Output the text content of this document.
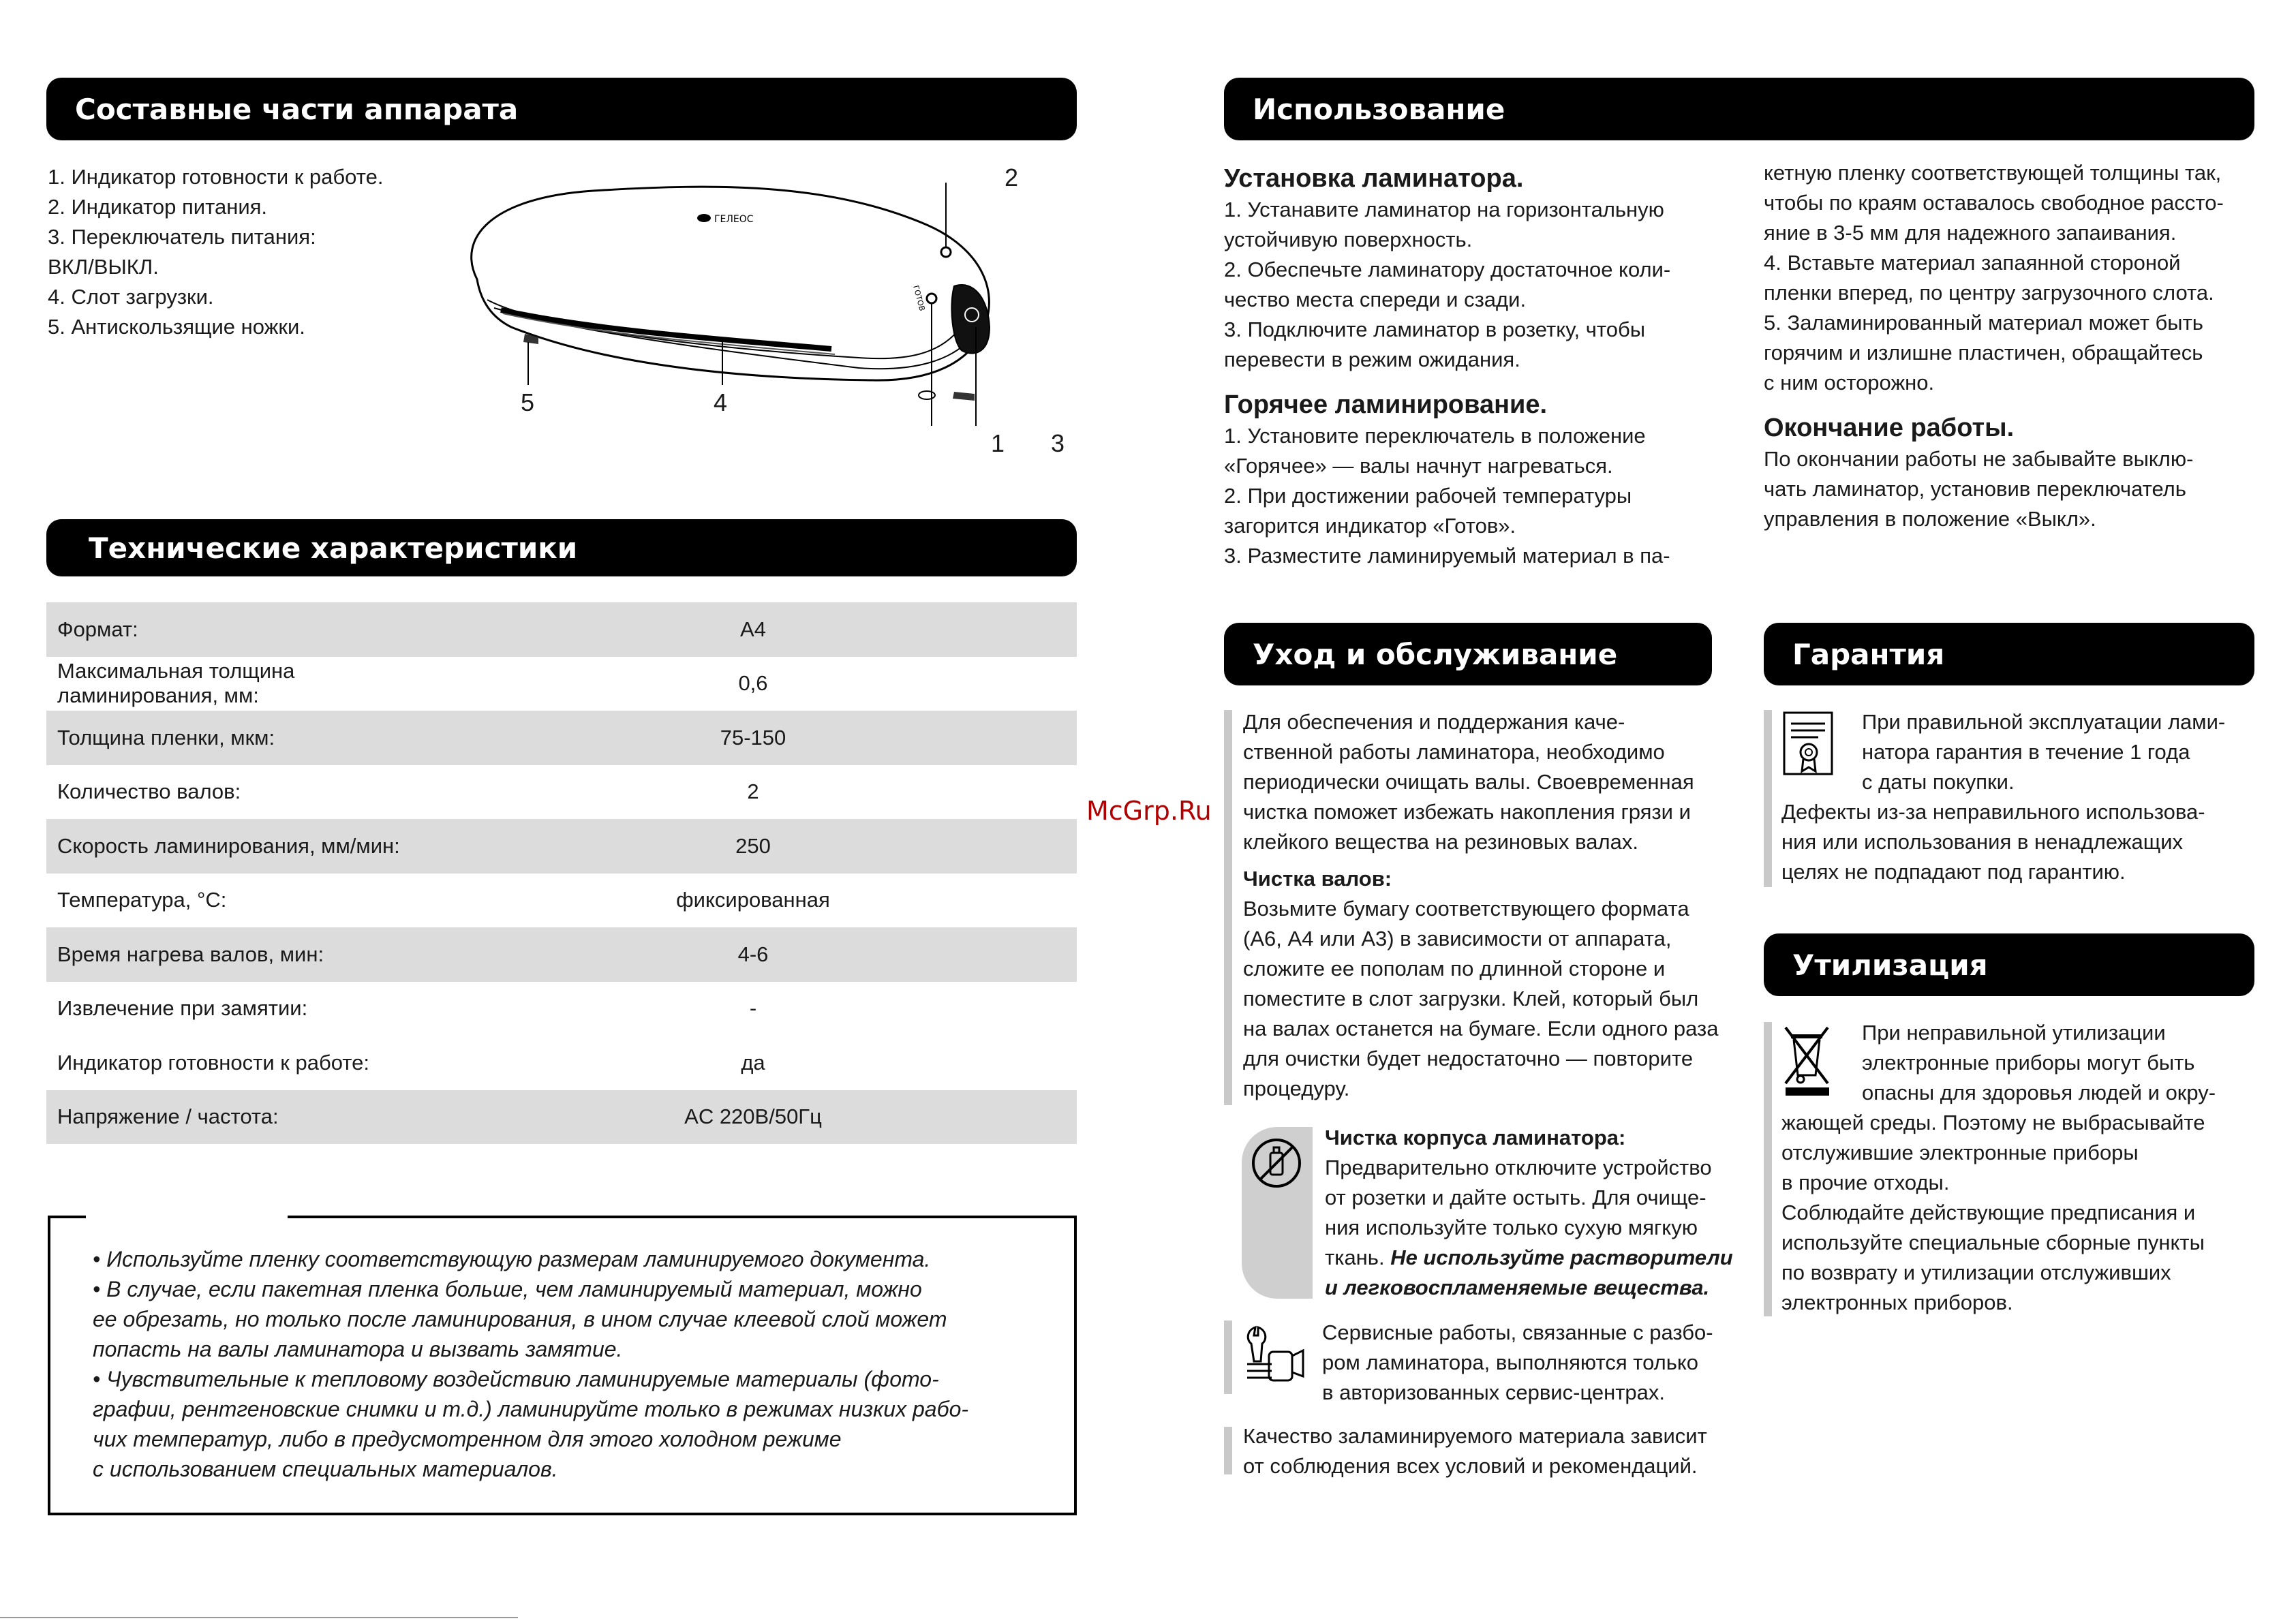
Составные части аппарата
1. Индикатор готовности к работе.
2. Индикатор питания.
3. Переключатель питания:
ВКЛ/ВЫКЛ.
4. Слот загрузки.
5. Антискользящие ножки.
ГЕЛЕОС
ГОТОВ
2
5	4
1 3
Технические характеристики
Формат:	А4
Максимальная толщина ламинирования, мм:	0,6
Толщина пленки, мкм:	75-150
Количество валов:	2
Скорость ламинирования, мм/мин:	250
Температура, °С:	фиксированная
Время нагрева валов, мин:	4-6
Извлечение при замятии:	-
Индикатор готовности к работе:	да
Напряжение / частота:	AC 220В/50Гц
• Используйте пленку соответствующую размерам ламинируемого документа.
• В случае, если пакетная пленка больше, чем ламинируемый материал, можно
ее обрезать, но только после ламинирования, в ином случае клеевой слой может
попасть на валы ламинатора и вызвать замятие.
• Чувствительные к тепловому воздействию ламинируемые материалы (фото-
графии, рентгеновские снимки и т.д.) ламинируйте только в режимах низких рабо-
чих температур, либо в предусмотренном для этого холодном режиме
с использованием специальных материалов.
McGrp.Ru
Использование
Установка ламинатора.
1. Устанавите ламинатор на горизонтальную
устойчивую поверхность.
2. Обеспечьте ламинатору достаточное коли-
чество места спереди и сзади.
3. Подключите ламинатор в розетку, чтобы
перевести в режим ожидания.
Горячее ламинирование.
1. Установите переключатель в положение
«Горячее» — валы начнут нагреваться.
2. При достижении рабочей температуры
загорится индикатор «Готов».
3. Разместите ламинируемый материал в па-
кетную пленку соответствующей толщины так,
чтобы по краям оставалось свободное рассто-
яние в 3-5 мм для надежного запаивания.
4. Вставьте материал запаянной стороной
пленки вперед, по центру загрузочного слота.
5. Заламинированный материал может быть
горячим и излишне пластичен, обращайтесь
с ним осторожно.
Окончание работы.
По окончании работы не забывайте выклю-
чать ламинатор, установив переключатель
управления в положение «Выкл».
Уход и обслуживание
Для обеспечения и поддержания каче-
ственной работы ламинатора, необходимо
периодически очищать валы. Своевременная
чистка поможет избежать накопления грязи и
клейкого вещества на резиновых валах.
Чистка валов:
Возьмите бумагу соответствующего формата
(А6, А4 или А3) в зависимости от аппарата,
сложите ее пополам по длинной стороне и
поместите в слот загрузки. Клей, который был
на валах останется на бумаге. Если одного раза
для очистки будет недостаточно — повторите
процедуру.
Чистка корпуса ламинатора:
Предварительно отключите устройство
от розетки и дайте остыть. Для очище-
ния используйте только сухую мягкую
ткань. Не используйте растворители
и легковоспламеняемые вещества.
Сервисные работы, связанные с разбо-
ром ламинатора, выполняются только
в авторизованных сервис-центрах.
Качество заламинируемого материала зависит
от соблюдения всех условий и рекомендаций.
Гарантия
При правильной эксплуатации лами-
натора гарантия в течение 1 года
с даты покупки.
Дефекты из-за неправильного использова-
ния или использования в ненадлежащих
целях не подпадают под гарантию.
Утилизация
При неправильной утилизации
электронные приборы могут быть
опасны для здоровья людей и окру-
жающей среды. Поэтому не выбрасывайте
отслужившие электронные приборы
в прочие отходы.
Соблюдайте действующие предписания и
используйте специальные сборные пункты
по возврату и утилизации отслуживших
электронных приборов.
